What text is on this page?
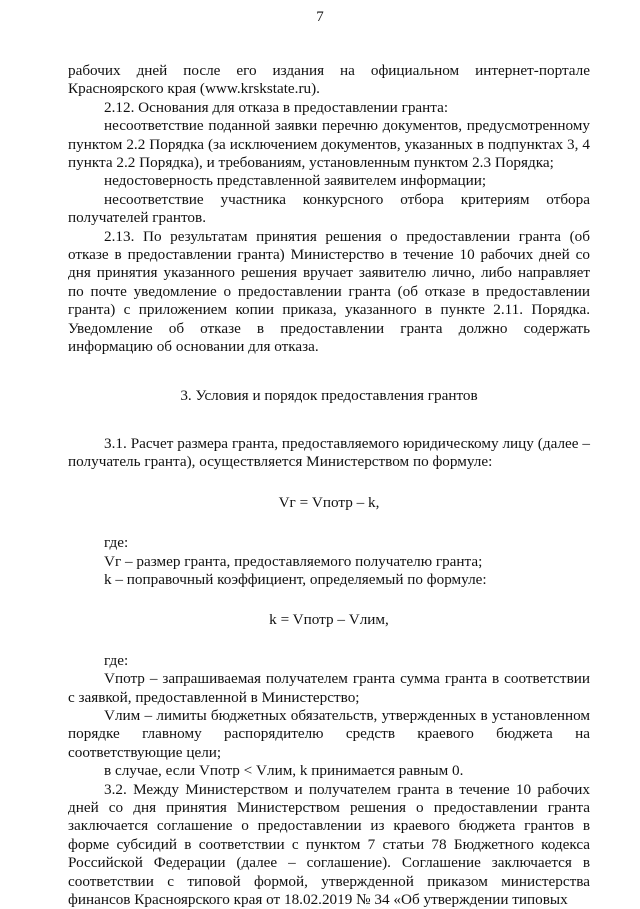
7

рабочих дней после его издания на официальном интернет-портале Красноярского края (www.krskstate.ru).

2.12. Основания для отказа в предоставлении гранта:

несоответствие поданной заявки перечню документов, предусмотренному пунктом 2.2 Порядка (за исключением документов, указанных в подпунктах 3, 4 пункта 2.2 Порядка), и требованиям, установленным пунктом 2.3 Порядка;

недостоверность представленной заявителем информации;

несоответствие участника конкурсного отбора критериям отбора получателей грантов.

2.13. По результатам принятия решения о предоставлении гранта (об отказе в предоставлении гранта) Министерство в течение 10 рабочих дней со дня принятия указанного решения вручает заявителю лично, либо направляет по почте уведомление о предоставлении гранта (об отказе в предоставлении гранта) с приложением копии приказа, указанного в пункте 2.11. Порядка. Уведомление об отказе в предоставлении гранта должно содержать информацию об основании для отказа.

3. Условия и порядок предоставления грантов

3.1. Расчет размера гранта, предоставляемого юридическому лицу (далее – получатель гранта), осуществляется Министерством по формуле:

Vг = Vпотр – k,

где:

Vг – размер гранта, предоставляемого получателю гранта;

k – поправочный коэффициент, определяемый по формуле:

k = Vпотр – Vлим,

где:

Vпотр – запрашиваемая получателем гранта сумма гранта в соответствии с заявкой, предоставленной в Министерство;

Vлим – лимиты бюджетных обязательств, утвержденных в установленном порядке главному распорядителю средств краевого бюджета на соответствующие цели;

в случае, если Vпотр < Vлим, k принимается равным 0.

3.2. Между Министерством и получателем гранта в течение 10 рабочих дней со дня принятия Министерством решения о предоставлении гранта заключается соглашение о предоставлении из краевого бюджета грантов в форме субсидий в соответствии с пунктом 7 статьи 78 Бюджетного кодекса Российской Федерации (далее – соглашение). Соглашение заключается в соответствии с типовой формой, утвержденной приказом министерства финансов Красноярского края от 18.02.2019 № 34 «Об утверждении типовых
